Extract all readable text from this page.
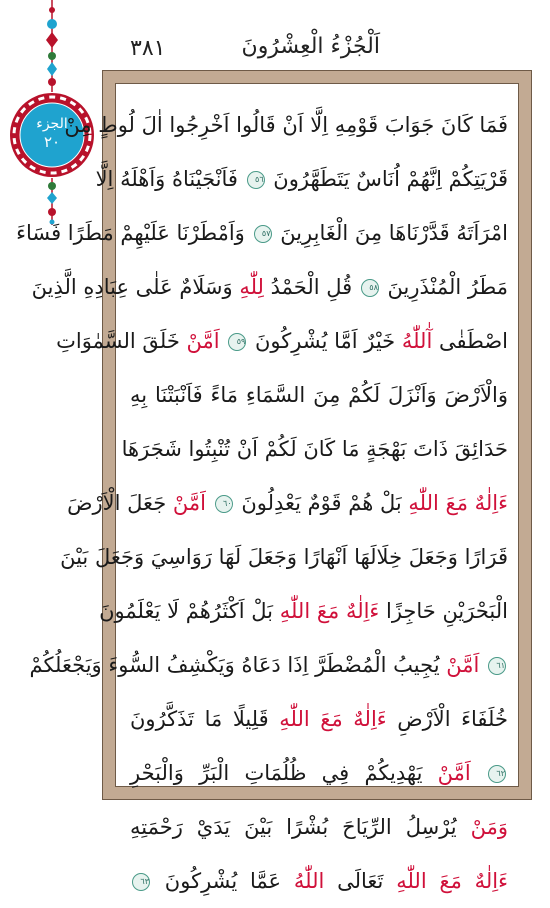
الجزء
٢٠
٣٨١	اَلْجُزْءُ الْعِشْرُونَ
فَمَا كَانَ جَوَابَ قَوْمِهِ اِلَّا اَنْ قَالُوا اَخْرِجُوا اٰلَ لُوطٍ مِنْ
قَرْيَتِكُمْ اِنَّهُمْ اُنَاسٌ يَتَطَهَّرُونَ ٥٦ فَاَنْجَيْنَاهُ وَاَهْلَهُ اِلَّا
امْرَاَتَهُ قَدَّرْنَاهَا مِنَ الْغَابِرِينَ ٥٧ وَاَمْطَرْنَا عَلَيْهِمْ مَطَرًا فَسَاءَ
مَطَرُ الْمُنْذَرِينَ ٥٨ قُلِ الْحَمْدُ لِلّٰهِ وَسَلَامٌ عَلٰى عِبَادِهِ الَّذِينَ
اصْطَفٰى آٰللّٰهُ خَيْرٌ اَمَّا يُشْرِكُونَ ٥٩ اَمَّنْ خَلَقَ السَّمٰوَاتِ
وَالْاَرْضَ وَاَنْزَلَ لَكُمْ مِنَ السَّمَاءِ مَاءً فَاَنْبَتْنَا بِهِ
حَدَائِقَ ذَاتَ بَهْجَةٍ مَا كَانَ لَكُمْ اَنْ تُنْبِتُوا شَجَرَهَا
ءَاِلٰهٌ مَعَ اللّٰهِ بَلْ هُمْ قَوْمٌ يَعْدِلُونَ ٦٠ اَمَّنْ جَعَلَ الْاَرْضَ
قَرَارًا وَجَعَلَ خِلَالَهَا اَنْهَارًا وَجَعَلَ لَهَا رَوَاسِيَ وَجَعَلَ بَيْنَ
الْبَحْرَيْنِ حَاجِزًا ءَاِلٰهٌ مَعَ اللّٰهِ بَلْ اَكْثَرُهُمْ لَا يَعْلَمُونَ
٦١ اَمَّنْ يُجِيبُ الْمُضْطَرَّ اِذَا دَعَاهُ وَيَكْشِفُ السُّوءَ وَيَجْعَلُكُمْ
خُلَفَاءَ الْاَرْضِ ءَاِلٰهٌ مَعَ اللّٰهِ قَلِيلًا مَا تَذَكَّرُونَ
٦٢ اَمَّنْ يَهْدِيكُمْ فِي ظُلُمَاتِ الْبَرِّ وَالْبَحْرِ
وَمَنْ يُرْسِلُ الرِّيَاحَ بُشْرًا بَيْنَ يَدَيْ رَحْمَتِهِ
ءَاِلٰهٌ مَعَ اللّٰهِ تَعَالَى اللّٰهُ عَمَّا يُشْرِكُونَ ٦٣
